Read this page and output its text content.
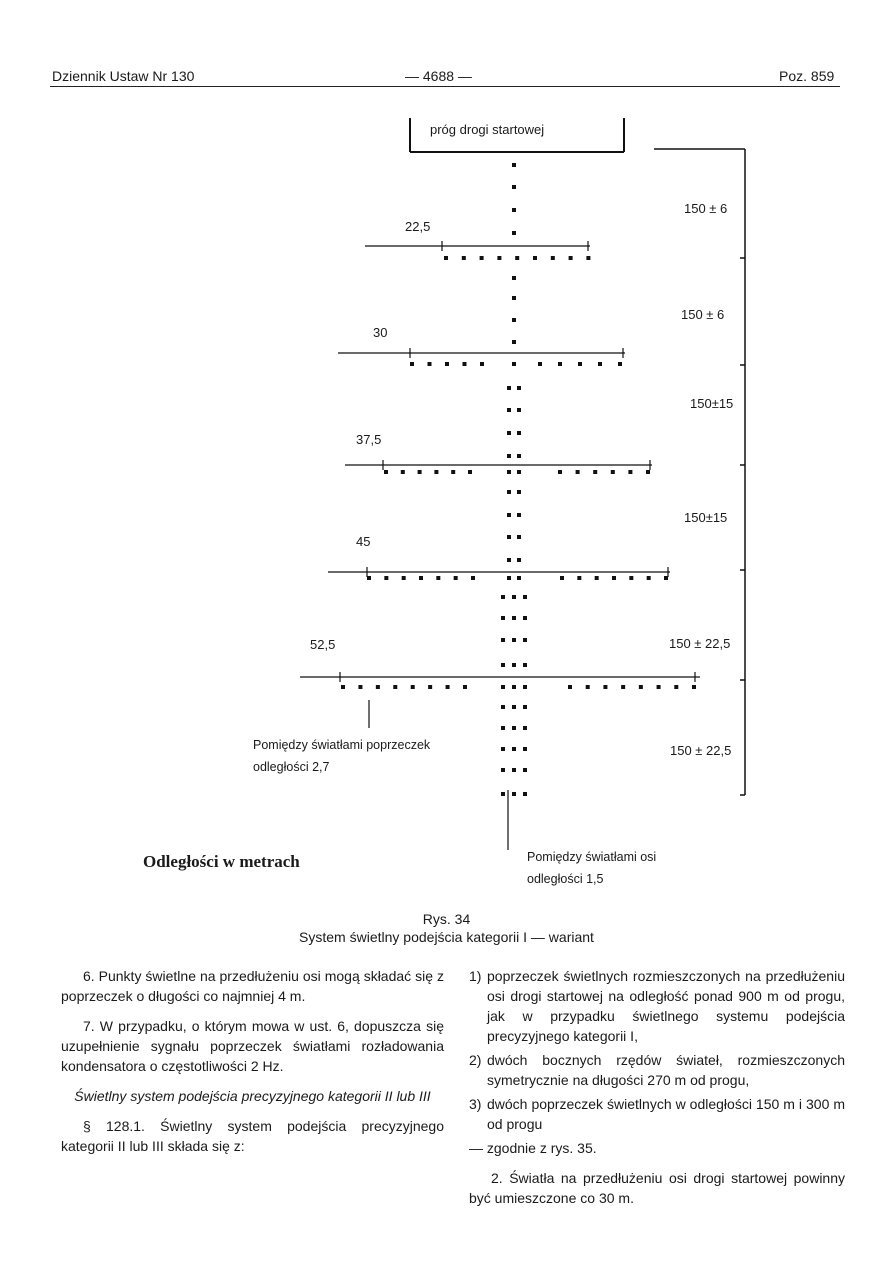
Dziennik Ustaw Nr 130	— 4688 —	Poz. 859
próg drogi startowej
22,5
30
37,5
45
52,5
150 ± 6
150 ± 6
150±15
150±15
150 ± 22,5
150 ± 22,5
Pomiędzy światłami poprzeczek odległości 2,7
Pomiędzy światłami osi odległości 1,5
Odległości w metrach
Rys. 34
System świetlny podejścia kategorii I — wariant

6. Punkty świetlne na przedłużeniu osi mogą składać się z poprzeczek o długości co najmniej 4 m.

7. W przypadku, o którym mowa w ust. 6, dopuszcza się uzupełnienie sygnału poprzeczek światłami rozładowania kondensatora o częstotliwości 2 Hz.

Świetlny system podejścia precyzyjnego kategorii II lub III

§ 128.1. Świetlny system podejścia precyzyjnego kategorii II lub III składa się z:

1) poprzeczek świetlnych rozmieszczonych na przedłużeniu osi drogi startowej na odległość ponad 900 m od progu, jak w przypadku świetlnego systemu podejścia precyzyjnego kategorii I,
2) dwóch bocznych rzędów świateł, rozmieszczonych symetrycznie na długości 270 m od progu,
3) dwóch poprzeczek świetlnych w odległości 150 m i 300 m od progu

— zgodnie z rys. 35.

2. Światła na przedłużeniu osi drogi startowej powinny być umieszczone co 30 m.
